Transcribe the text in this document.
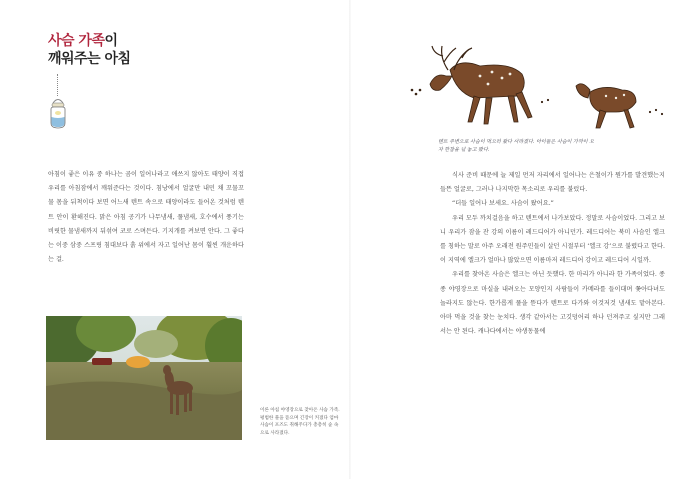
사슴 가족이
깨워주는 아침

아침이 좋은 이유 중 하나는 곰이 일어나라고 애쓰지 않아도 태양이 직접 우리를 아침잠에서 깨워준다는 것이다. 침낭에서 얼굴만 내민 채 꼬물꼬물 몸을 뒤척이다 보면 어느새 텐트 속으로 태양이라도 들어온 것처럼 텐트 안이 환해진다. 맑은 아침 공기가 나무냄새, 풀냄새, 호수에서 풍기는 비릿한 물냄새까지 뒤섞여 코로 스며든다. 기지개를 켜보면 안다. 그 좋다는 이중 삼중 스프링 침대보다 흙 위에서 자고 일어난 몸이 훨씬 개운하다는 걸.

이른 아침 야영장으로 찾아온 사슴 가족. 평범한 풀을 뜯으며 긴장이 커졌다 엄마 사슴이 포즈도 취해주다가 총총히 숲 속으로 사라졌다.
텐트 주변으로 사슴이 먹으러 왔다 사라졌다. 아이들은 사슴이 가까이 오자 한참을 넋 놓고 봤다.

식사 준비 때문에 늘 제일 먼저 자리에서 일어나는 은철이가 뭔가를 발견했는지 들뜬 얼굴로, 그러나 나지막한 목소리로 우리를 불렀다.

“더들 일어나 보세요. 사슴이 왔어요.”

우리 모두 까치걸음을 하고 텐트에서 나가보았다. 정말로 사슴이었다. 그리고 보니 우리가 잠을 잔 강의 이름이 레드디어가 아니던가. 레드디어는 북미 사슴인 엘크를 칭하는 말로 아주 오래전 원주민들이 살던 시절부터 ‘엘크 강’으로 불렸다고 한다. 이 지역에 엘크가 얼마나 많았으면 이름마저 레드디어 강이고 레드디어 시일까.

우리를 찾아온 사슴은 엘크는 아닌 듯했다. 한 마리가 아니라 한 가족이었다. 종종 야영장으로 마실을 내려오는 모양인지 사람들이 카메라를 들이대며 쫓아다녀도 놀라지도 않는다. 한가롭게 풀을 뜯다가 텐트로 다가와 이것저것 냄새도 맡아본다. 아마 먹을 것을 찾는 눈치다. 생각 같아서는 고깃덩어리 하나 던져주고 싶지만 그래서는 안 된다. 캐나다에서는 야생동물에
